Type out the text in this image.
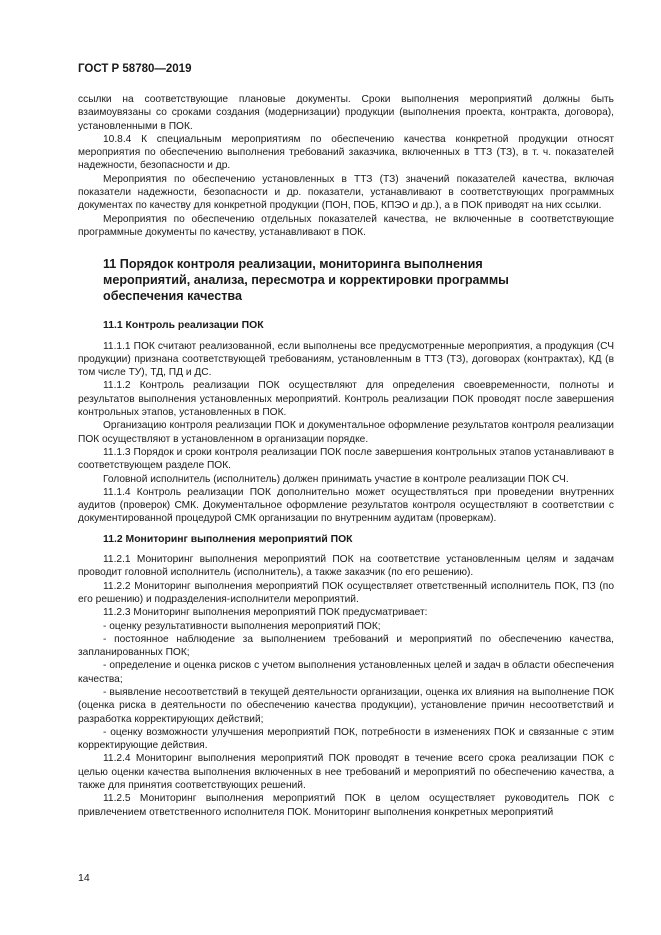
ГОСТ Р 58780—2019

ссылки на соответствующие плановые документы. Сроки выполнения мероприятий должны быть взаимоувязаны со сроками создания (модернизации) продукции (выполнения проекта, контракта, договора), установленными в ПОК.

10.8.4 К специальным мероприятиям по обеспечению качества конкретной продукции относят мероприятия по обеспечению выполнения требований заказчика, включенных в ТТЗ (ТЗ), в т. ч. показателей надежности, безопасности и др.

Мероприятия по обеспечению установленных в ТТЗ (ТЗ) значений показателей качества, включая показатели надежности, безопасности и др. показатели, устанавливают в соответствующих программных документах по качеству для конкретной продукции (ПОН, ПОБ, КПЭО и др.), а в ПОК приводят на них ссылки.

Мероприятия по обеспечению отдельных показателей качества, не включенные в соответствующие программные документы по качеству, устанавливают в ПОК.

11 Порядок контроля реализации, мониторинга выполнения мероприятий, анализа, пересмотра и корректировки программы обеспечения качества
11.1 Контроль реализации ПОК

11.1.1 ПОК считают реализованной, если выполнены все предусмотренные мероприятия, а продукция (СЧ продукции) признана соответствующей требованиям, установленным в ТТЗ (ТЗ), договорах (контрактах), КД (в том числе ТУ), ТД, ПД и ДС.

11.1.2 Контроль реализации ПОК осуществляют для определения своевременности, полноты и результатов выполнения установленных мероприятий. Контроль реализации ПОК проводят после завершения контрольных этапов, установленных в ПОК.

Организацию контроля реализации ПОК и документальное оформление результатов контроля реализации ПОК осуществляют в установленном в организации порядке.

11.1.3 Порядок и сроки контроля реализации ПОК после завершения контрольных этапов устанавливают в соответствующем разделе ПОК.

Головной исполнитель (исполнитель) должен принимать участие в контроле реализации ПОК СЧ.

11.1.4 Контроль реализации ПОК дополнительно может осуществляться при проведении внутренних аудитов (проверок) СМК. Документальное оформление результатов контроля осуществляют в соответствии с документированной процедурой СМК организации по внутренним аудитам (проверкам).

11.2 Мониторинг выполнения мероприятий ПОК

11.2.1 Мониторинг выполнения мероприятий ПОК на соответствие установленным целям и задачам проводит головной исполнитель (исполнитель), а также заказчик (по его решению).

11.2.2 Мониторинг выполнения мероприятий ПОК осуществляет ответственный исполнитель ПОК, ПЗ (по его решению) и подразделения-исполнители мероприятий.

11.2.3 Мониторинг выполнения мероприятий ПОК предусматривает:

- оценку результативности выполнения мероприятий ПОК;

- постоянное наблюдение за выполнением требований и мероприятий по обеспечению качества, запланированных ПОК;

- определение и оценка рисков с учетом выполнения установленных целей и задач в области обеспечения качества;

- выявление несоответствий в текущей деятельности организации, оценка их влияния на выполнение ПОК (оценка риска в деятельности по обеспечению качества продукции), установление причин несоответствий и разработка корректирующих действий;

- оценку возможности улучшения мероприятий ПОК, потребности в изменениях ПОК и связанные с этим корректирующие действия.

11.2.4 Мониторинг выполнения мероприятий ПОК проводят в течение всего срока реализации ПОК с целью оценки качества выполнения включенных в нее требований и мероприятий по обеспечению качества, а также для принятия соответствующих решений.

11.2.5 Мониторинг выполнения мероприятий ПОК в целом осуществляет руководитель ПОК с привлечением ответственного исполнителя ПОК. Мониторинг выполнения конкретных мероприятий

14
